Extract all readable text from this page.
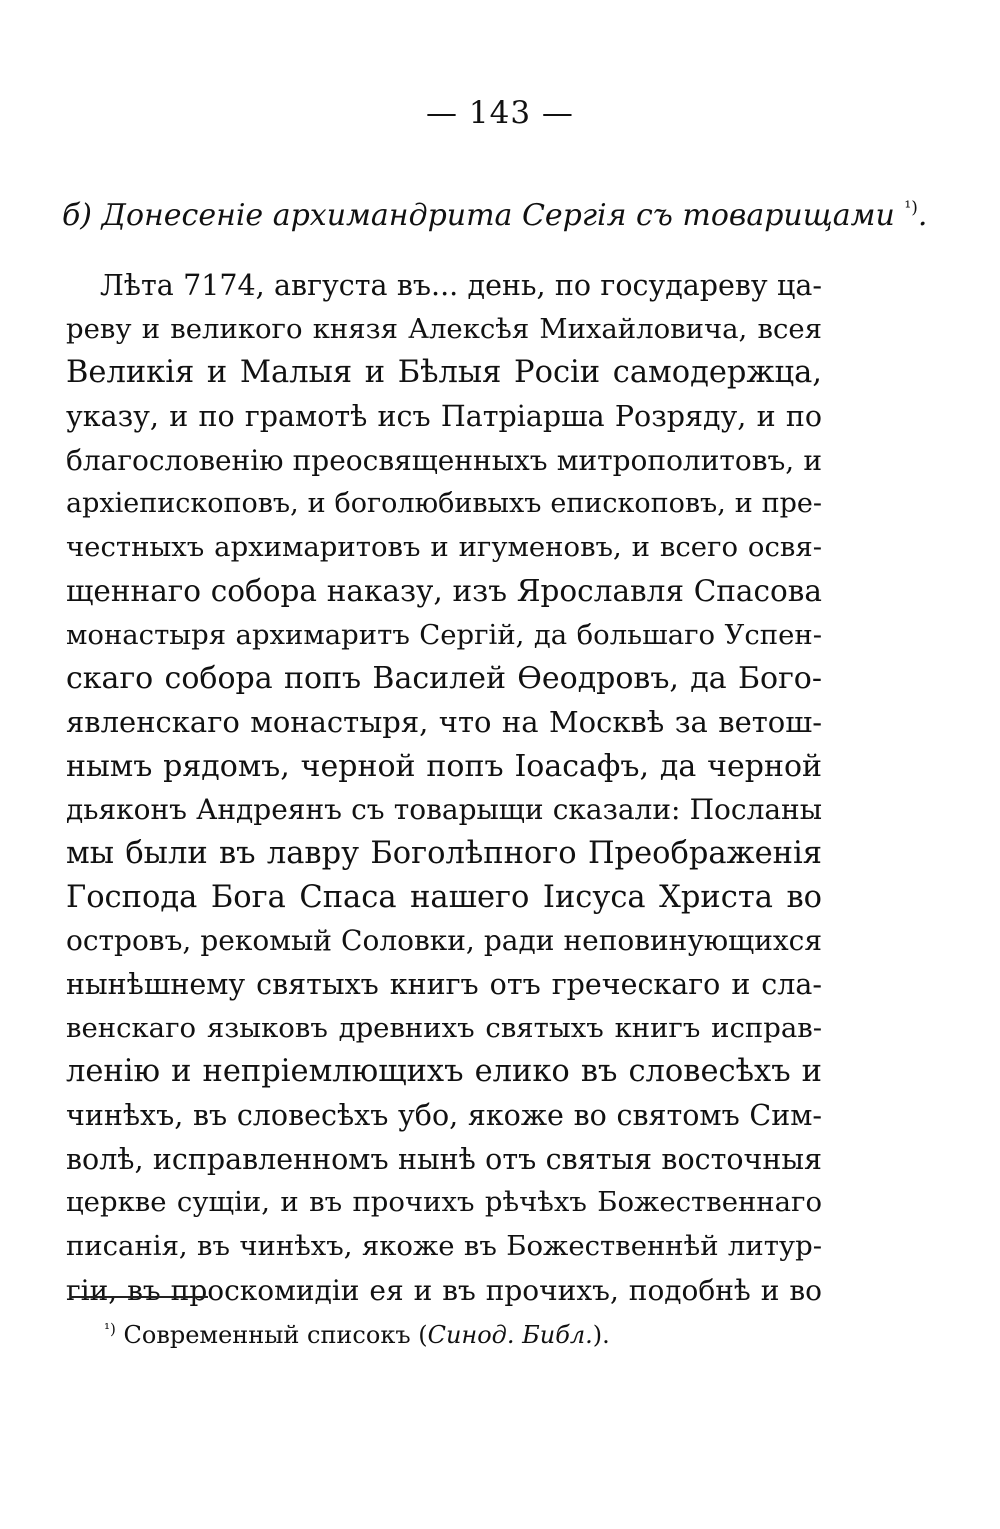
— 143 —
б) Донесеніе архимандрита Сергія съ товарищами $^{^1)}$.
Лѣта 7174, августа въ... день, по государеву ца-
реву и великого князя Алексѣя Михайловича, всея
Великія и Малыя и Бѣлыя Росіи самодержца,
указу, и по грамотѣ исъ Патріарша Розряду, и по
благословенію преосвященныхъ митрополитовъ, и
архіепископовъ, и боголюбивыхъ епископовъ, и пре-
честныхъ архимаритовъ и игуменовъ, и всего освя-
щеннаго собора наказу, изъ Ярославля Спасова
монастыря архимаритъ Сергій, да большаго Успен-
скаго собора попъ Василей Ѳеодровъ, да Бого-
явленскаго монастыря, что на Москвѣ за ветош-
нымъ рядомъ, черной попъ Іоасафъ, да черной
дьяконъ Андреянъ съ товарыщи сказали: Посланы
мы были въ лавру Боголѣпного Преображенія
Господа Бога Спаса нашего Іисуса Христа во
островъ, рекомый Соловки, ради неповинующихся
нынѣшнему святыхъ книгъ отъ греческаго и сла-
венскаго языковъ древнихъ святыхъ книгъ исправ-
ленію и непріемлющихъ елико въ словесѣхъ и
чинѣхъ, въ словесѣхъ убо, якоже во святомъ Сим-
волѣ, исправленномъ нынѣ отъ святыя восточныя
церкве сущіи, и въ прочихъ рѣчѣхъ Божественнаго
писанія, въ чинѣхъ, якоже въ Божественнѣй литур-
гіи, въ проскомидіи ея и въ прочихъ, подобнѣ и во
$^{^1)}$ Современный списокъ (Синод. Библ.).
